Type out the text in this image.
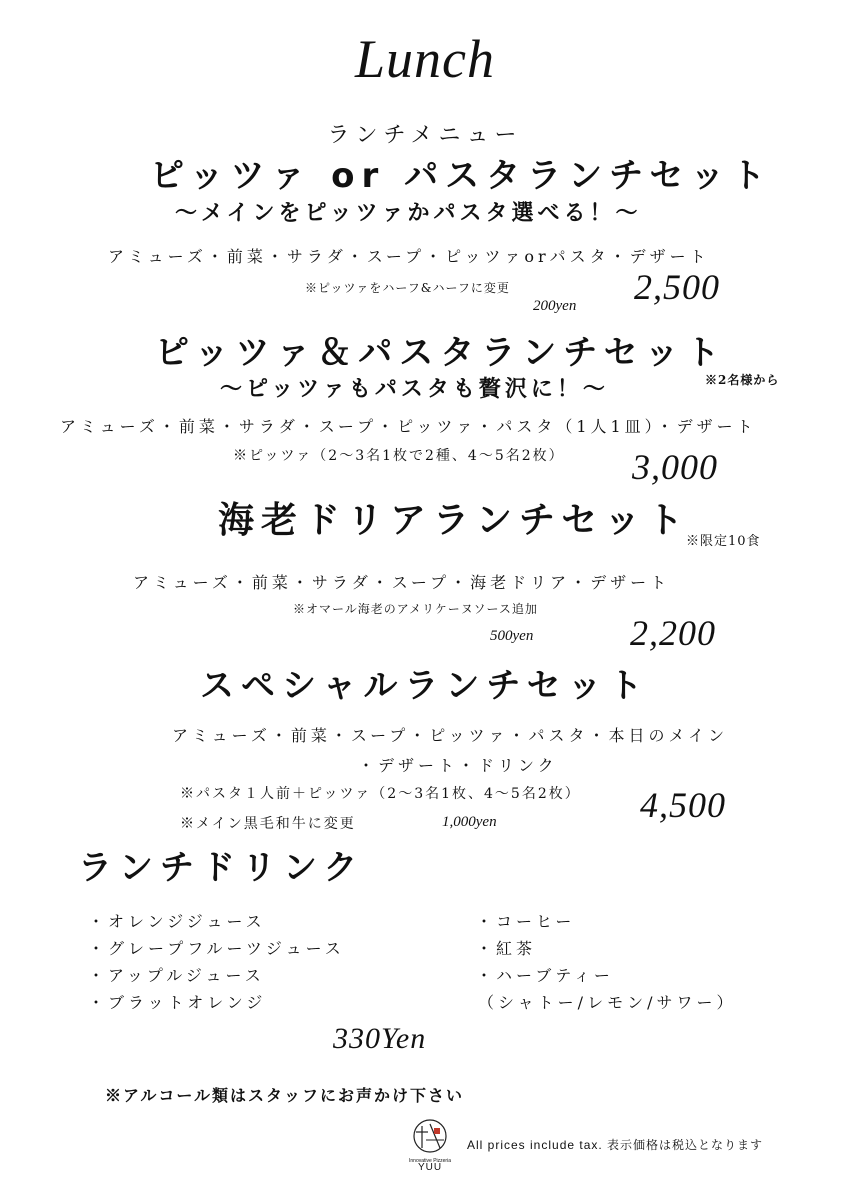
Lunch
ランチメニュー
ピッツァ or パスタランチセット
〜メインをピッツァかパスタ選べる！〜
アミューズ・前菜・サラダ・スープ・ピッツァorパスタ・デザート
※ピッツァをハーフ&ハーフに変更
200yen 2,500
ピッツァ＆パスタランチセット
〜ピッツァもパスタも贅沢に！〜	※2名様から
アミューズ・前菜・サラダ・スープ・ピッツァ・パスタ（1人1皿）・デザート
※ピッツァ（2〜3名1枚で2種、4〜5名2枚） 3,000
海老ドリアランチセット
※限定10食
アミューズ・前菜・サラダ・スープ・海老ドリア・デザート
※オマール海老のアメリケーヌソース追加
500yen	2,200
スペシャルランチセット
アミューズ・前菜・スープ・ピッツァ・パスタ・本日のメイン
・デザート・ドリンク
※パスタ１人前＋ピッツァ（2〜3名1枚、4〜5名2枚）
※メイン黒毛和牛に変更	1,000yen	4,500
ランチドリンク
・オレンジジュース
・グレープフルーツジュース
・アップルジュース
・ブラットオレンジ
・コーヒー
・紅茶
・ハーブティー
（シャトー/レモン/サワー）
330Yen
※アルコール類はスタッフにお声かけ下さい
Innovative Pizzeria
YUU
All prices include tax. 表示価格は税込となります
